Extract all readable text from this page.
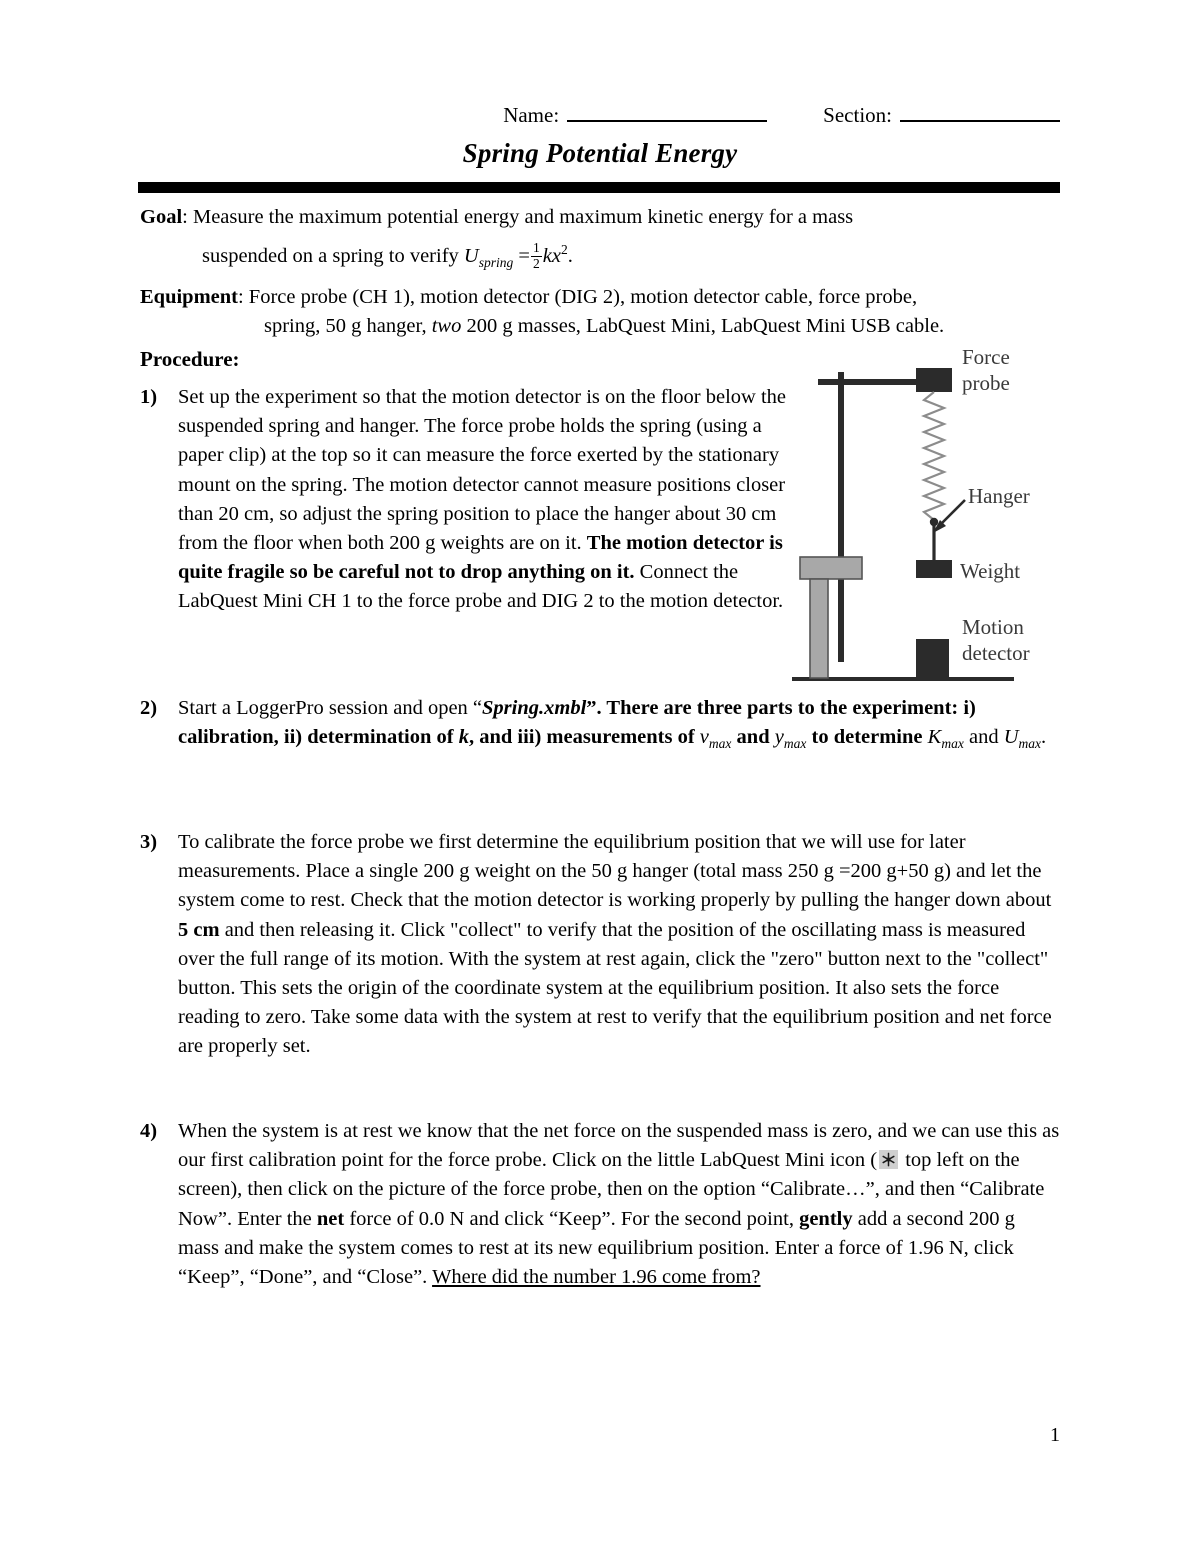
Name:	Section:
Spring Potential Energy
Goal: Measure the maximum potential energy and maximum kinetic energy for a mass
suspended on a spring to verify $U_{spring} = \frac{1}{2} kx^2$.
Equipment: Force probe (CH 1), motion detector (DIG 2), motion detector cable, force probe,
spring, 50 g hanger, two 200 g masses, LabQuest Mini, LabQuest Mini USB cable.
Procedure:
1)	Set up the experiment so that the motion detector is on the floor below the suspended spring and hanger. The force probe holds the spring (using a paper clip) at the top so it can measure the force exerted by the stationary mount on the spring. The motion detector cannot measure positions closer than 20 cm, so adjust the spring position to place the hanger about 30 cm from the floor when both 200 g weights are on it. The motion detector is quite fragile so be careful not to drop anything on it. Connect the LabQuest Mini CH 1 to the force probe and DIG 2 to the motion detector.
2)	Start a LoggerPro session and open “Spring.xmbl”. There are three parts to the experiment: i) calibration, ii) determination of k, and iii) measurements of $v_{max}$ and $y_{max}$ to determine $K_{max}$ and $U_{max}$.
3)	To calibrate the force probe we first determine the equilibrium position that we will use for later measurements. Place a single 200 g weight on the 50 g hanger (total mass 250 g =200 g+50 g) and let the system come to rest. Check that the motion detector is working properly by pulling the hanger down about 5 cm and then releasing it. Click "collect" to verify that the position of the oscillating mass is measured over the full range of its motion. With the system at rest again, click the "zero" button next to the "collect" button. This sets the origin of the coordinate system at the equilibrium position. It also sets the force reading to zero. Take some data with the system at rest to verify that the equilibrium position and net force are properly set.
4)	When the system is at rest we know that the net force on the suspended mass is zero, and we can use this as our first calibration point for the force probe. Click on the little LabQuest Mini icon (
top left on the screen), then click on the picture of the force probe, then on the option “Calibrate…”, and then “Calibrate Now”. Enter the net force of 0.0 N and click “Keep”. For the second point, gently add a second 200 g mass and make the system comes to rest at its new equilibrium position. Enter a force of 1.96 N, click “Keep”, “Done”, and “Close”. Where did the number 1.96 come from?
Force
probe
Hanger
Weight
Motion
detector
1
